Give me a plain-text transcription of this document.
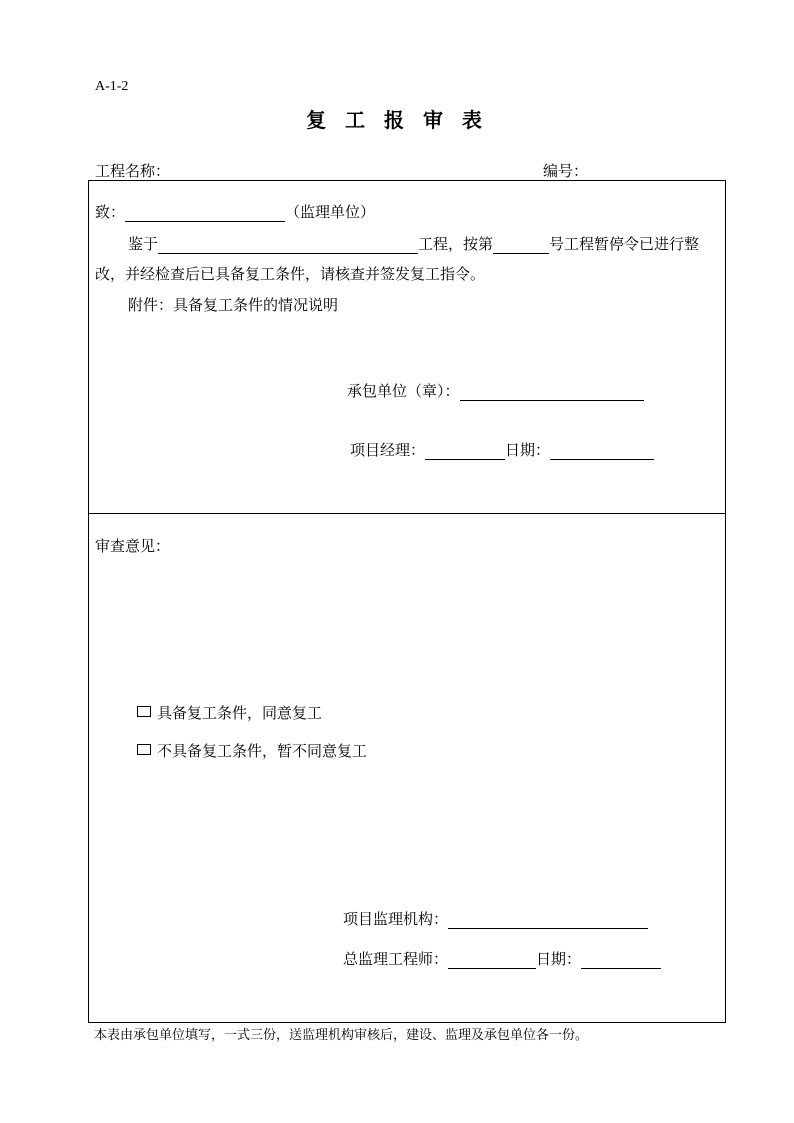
A-1-2
复 工 报 审 表
工程名称：	编号：
致：	（监理单位）
鉴于	工程，按第	号工程暂停令已进行整
改，并经检查后已具备复工条件，请核查并签发复工指令。
附件：具备复工条件的情况说明
承包单位（章）：
项目经理：	日期：
审查意见：
具备复工条件，同意复工
不具备复工条件，暂不同意复工
项目监理机构：
总监理工程师：	日期：
本表由承包单位填写，一式三份，送监理机构审核后，建设、监理及承包单位各一份。
